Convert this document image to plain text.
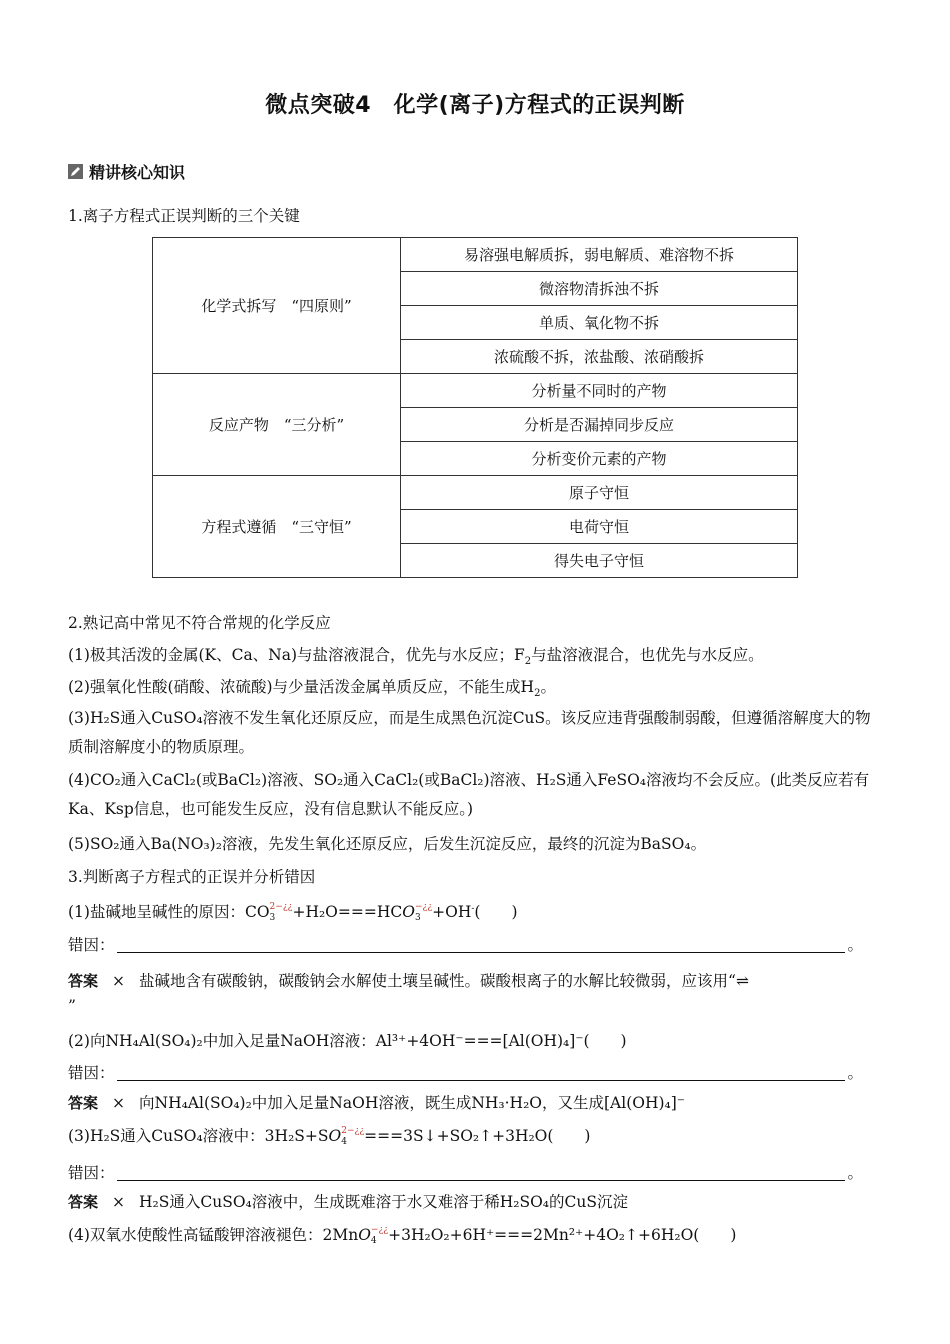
微点突破4　化学(离子)方程式的正误判断
精讲核心知识
1.离子方程式正误判断的三个关键
化学式拆写　“四原则”	易溶强电解质拆，弱电解质、难溶物不拆
	微溶物清拆浊不拆
	单质、氧化物不拆
	浓硫酸不拆，浓盐酸、浓硝酸拆
反应产物　“三分析”	分析量不同时的产物
	分析是否漏掉同步反应
	分析变价元素的产物
方程式遵循　“三守恒”	原子守恒
	电荷守恒
	得失电子守恒
2.熟记高中常见不符合常规的化学反应
(1)极其活泼的金属(K、Ca、Na)与盐溶液混合，优先与水反应；$F_2$与盐溶液混合，也优先与水反应。
(2)强氧化性酸(硝酸、浓硫酸)与少量活泼金属单质反应，不能生成$H_2$。
(3)H₂S通入CuSO₄溶液不发生氧化还原反应，而是生成黑色沉淀CuS。该反应违背强酸制弱酸，但遵循溶解度大的物质制溶解度小的物质原理。
(4)CO₂通入CaCl₂(或BaCl₂)溶液、SO₂通入CaCl₂(或BaCl₂)溶液、H₂S通入FeSO₄溶液均不会反应。(此类反应若有Ka、Ksp信息，也可能发生反应，没有信息默认不能反应。)
(5)SO₂通入Ba(NO₃)₂溶液，先发生氧化还原反应，后发生沉淀反应，最终的沉淀为BaSO₄。
3.判断离子方程式的正误并分析错因
(1)盐碱地呈碱性的原因：CO 2−¿¿
3	+H₂O===HCO −¿¿
3 +OH-(　　)
错因：	。
答案 × 盐碱地含有碳酸钠，碳酸钠会水解使土壤呈碱性。碳酸根离子的水解比较微弱，应该用“⇌
”
(2)向NH₄Al(SO₄)₂中加入足量NaOH溶液：Al³⁺+4OH⁻===[Al(OH)₄]⁻(　　)
错因：	。
答案 × 向NH₄Al(SO₄)₂中加入足量NaOH溶液，既生成NH₃·H₂O，又生成[Al(OH)₄]⁻
(3)H₂S通入CuSO₄溶液中：3H₂S+SO 2−¿¿
4	===3S↓+SO₂↑+3H₂O(　　)
错因：	。
答案 × H₂S通入CuSO₄溶液中，生成既难溶于水又难溶于稀H₂SO₄的CuS沉淀
(4)双氧水使酸性高锰酸钾溶液褪色：2MnO −¿¿
4 +3H₂O₂+6H⁺===2Mn²⁺+4O₂↑+6H₂O(　　)
